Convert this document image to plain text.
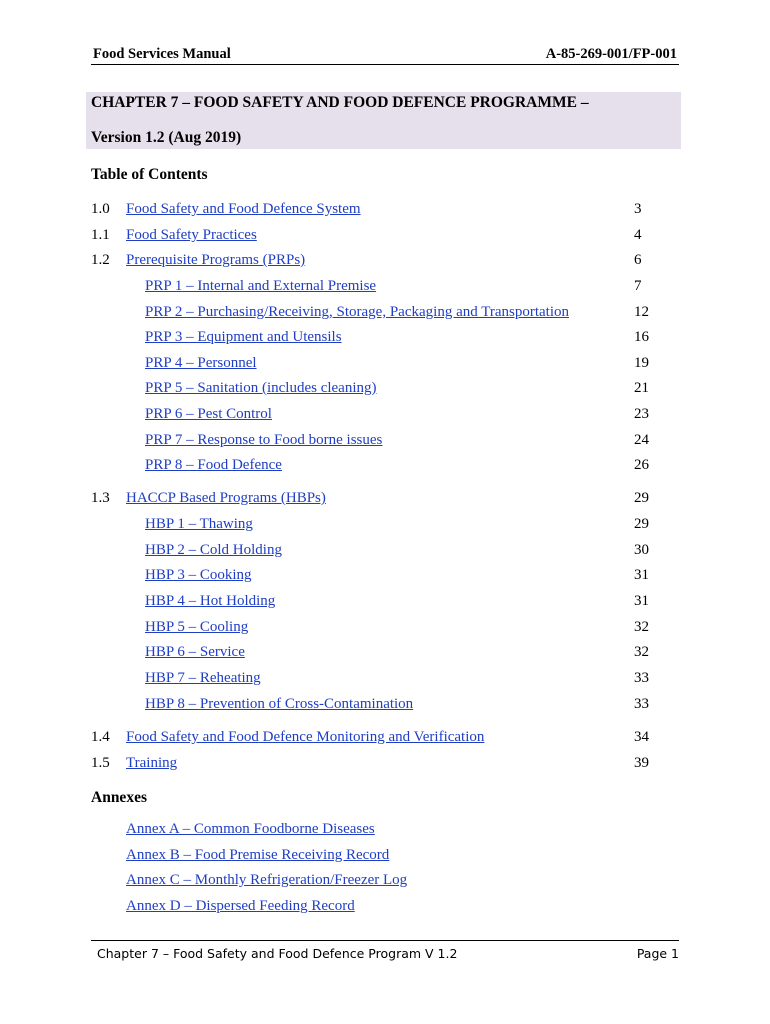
Food Services Manual	A-85-269-001/FP-001
CHAPTER 7 – FOOD SAFETY AND FOOD DEFENCE PROGRAMME –
Version 1.2 (Aug 2019)
Table of Contents
1.0 Food Safety and Food Defence System	3
1.1 Food Safety Practices	4
1.2 Prerequisite Programs (PRPs)	6
PRP 1 – Internal and External Premise	7
PRP 2 – Purchasing/Receiving, Storage, Packaging and Transportation	12
PRP 3 – Equipment and Utensils	16
PRP 4 – Personnel	19
PRP 5 – Sanitation (includes cleaning)	21
PRP 6 – Pest Control	23
PRP 7 – Response to Food borne issues	24
PRP 8 – Food Defence	26
1.3 HACCP Based Programs (HBPs)	29
HBP 1 – Thawing	29
HBP 2 – Cold Holding	30
HBP 3 – Cooking	31
HBP 4 – Hot Holding	31
HBP 5 – Cooling	32
HBP 6 – Service	32
HBP 7 – Reheating	33
HBP 8 – Prevention of Cross-Contamination	33
1.4 Food Safety and Food Defence Monitoring and Verification	34
1.5 Training	39
Annexes
Annex A – Common Foodborne Diseases
Annex B – Food Premise Receiving Record
Annex C – Monthly Refrigeration/Freezer Log
Annex D – Dispersed Feeding Record
Chapter 7 – Food Safety and Food Defence Program V 1.2	Page 1
